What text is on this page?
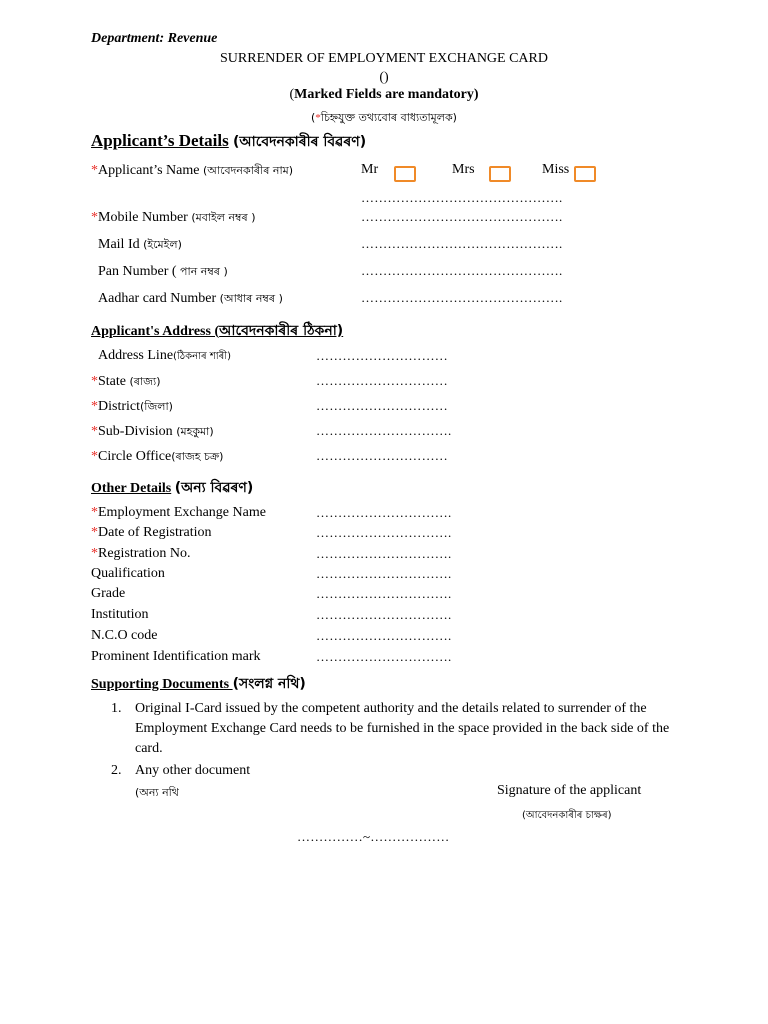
Department: Revenue
SURRENDER OF EMPLOYMENT EXCHANGE CARD
()
(Marked Fields are mandatory)
(*চিহ্নযুক্ত তথ্যবোৰ বাধ্যতামূলক)
Applicant’s Details (আবেদনকাৰীৰ বিৱৰণ)
*Applicant’s Name (আবেদনকাৰীৰ নাম)	Mr	Mrs	Miss
……………………………………….
*Mobile Number (মবাইল নম্বৰ )	……………………………………….
Mail Id (ইমেইল)	……………………………………….
Pan Number ( পান নম্বৰ )	……………………………………….
Aadhar card Number (আধাৰ নম্বৰ )	……………………………………….
Applicant's Address (আবেদনকাৰীৰ ঠিকনা)
Address Line(ঠিকনাৰ শাৰী)	…………………………
*State (ৰাজ্য)	…………………………
*District(জিলা)	…………………………
*Sub-Division (মহকুমা)	………………………….
*Circle Office(ৰাজহ চক্ৰ)	…………………………
Other Details (অন্য বিৱৰণ)
*Employment Exchange Name	………………………….
*Date of Registration	………………………….
*Registration No.	………………………….
Qualification	………………………….
Grade	………………………….
Institution	………………………….
N.C.O code	………………………….
Prominent Identification mark	………………………….
Supporting Documents (সংলগ্ন নথি)
1. Original I-Card issued by the competent authority and the details related to surrender of the Employment Exchange Card needs to be furnished in the space provided in the back side of the card.
2. Any other document
(অন্য নথি	Signature of the applicant
(আবেদনকাৰীৰ চাক্ষৰ)
……………~………………
